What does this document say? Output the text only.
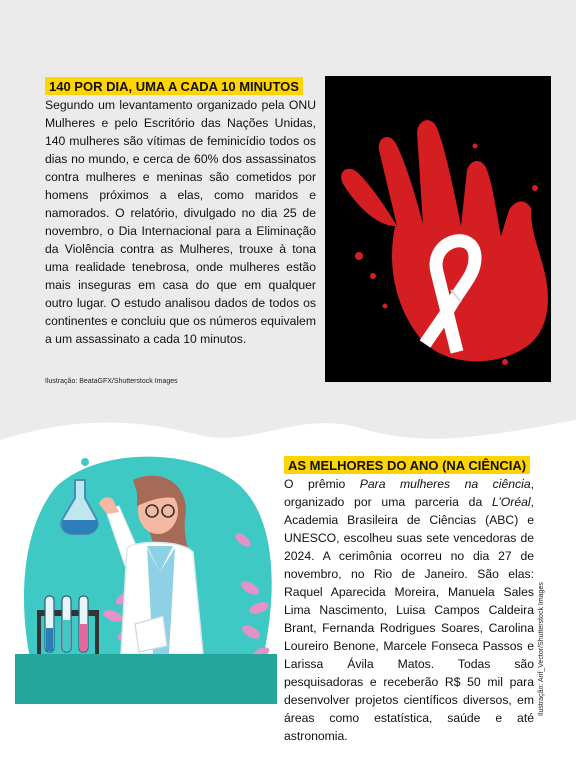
140 POR DIA, UMA A CADA 10 MINUTOS

Segundo um levantamento organizado pela ONU Mulheres e pelo Escritório das Nações Unidas, 140 mulheres são vítimas de feminicídio todos os dias no mundo, e cerca de 60% dos assassinatos contra mulheres e meninas são cometidos por homens próximos a elas, como maridos e namorados. O relatório, divulgado no dia 25 de novembro, o Dia Internacional para a Eliminação da Violência contra as Mulheres, trouxe à tona uma realidade tenebrosa, onde mulheres estão mais inseguras em casa do que em qualquer outro lugar. O estudo analisou dados de todos os continentes e concluiu que os números equivalem a um assassinato a cada 10 minutos.

Ilustração: BeataGFX/Shutterstock Images
AS MELHORES DO ANO (NA CIÊNCIA)

O prêmio Para mulheres na ciência, organizado por uma parceria da L’Oréal, Academia Brasileira de Ciências (ABC) e UNESCO, escolheu suas sete vencedoras de 2024. A cerimônia ocorreu no dia 27 de novembro, no Rio de Janeiro. São elas: Raquel Aparecida Moreira, Manuela Sales Lima Nascimento, Luisa Campos Caldeira Brant, Fernanda Rodrigues Soares, Carolina Loureiro Benone, Marcele Fonseca Passos e Larissa Ávila Matos. Todas são pesquisadoras e receberão R$ 50 mil para desenvolver projetos científicos diversos, em áreas como estatística, saúde e até astronomia.

Ilustração: Arif_Vector/Shutterstock Images
